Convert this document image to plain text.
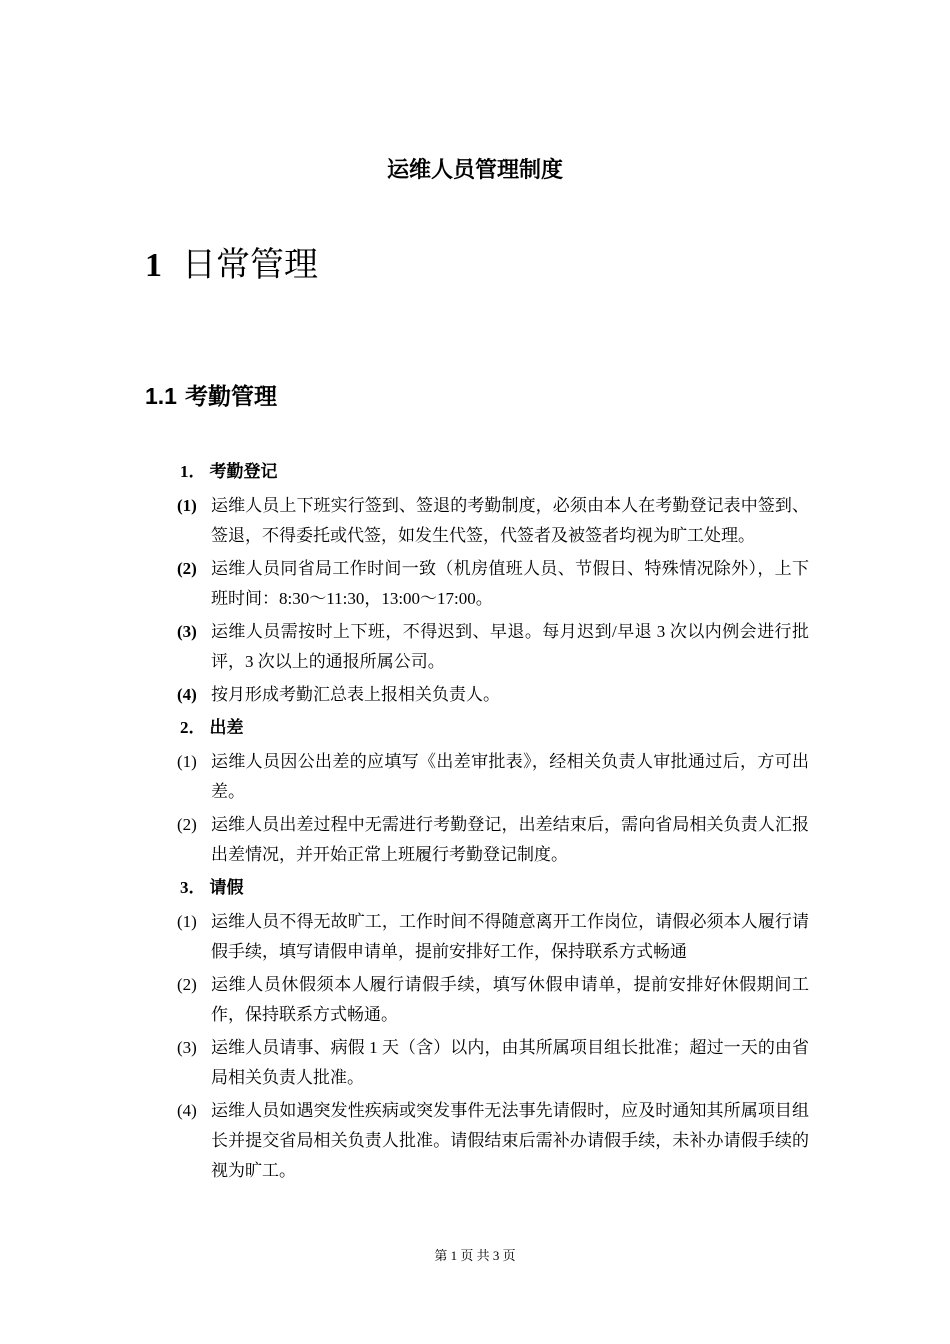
运维人员管理制度
1 日常管理
1.1 考勤管理
1． 考勤登记
(1) 运维人员上下班实行签到、签退的考勤制度，必须由本人在考勤登记表中签到、签退，不得委托或代签，如发生代签，代签者及被签者均视为旷工处理。
(2) 运维人员同省局工作时间一致（机房值班人员、节假日、特殊情况除外），上下班时间：8:30～11:30，13:00～17:00。
(3) 运维人员需按时上下班，不得迟到、早退。每月迟到/早退 3 次以内例会进行批评，3 次以上的通报所属公司。
(4) 按月形成考勤汇总表上报相关负责人。
2． 出差
(1) 运维人员因公出差的应填写《出差审批表》，经相关负责人审批通过后，方可出差。
(2) 运维人员出差过程中无需进行考勤登记，出差结束后，需向省局相关负责人汇报出差情况，并开始正常上班履行考勤登记制度。
3． 请假
(1) 运维人员不得无故旷工，工作时间不得随意离开工作岗位，请假必须本人履行请假手续，填写请假申请单，提前安排好工作，保持联系方式畅通
(2) 运维人员休假须本人履行请假手续，填写休假申请单，提前安排好休假期间工作，保持联系方式畅通。
(3) 运维人员请事、病假 1 天（含）以内，由其所属项目组长批准；超过一天的由省局相关负责人批准。
(4) 运维人员如遇突发性疾病或突发事件无法事先请假时，应及时通知其所属项目组长并提交省局相关负责人批准。请假结束后需补办请假手续，未补办请假手续的视为旷工。
第 1 页 共 3 页
